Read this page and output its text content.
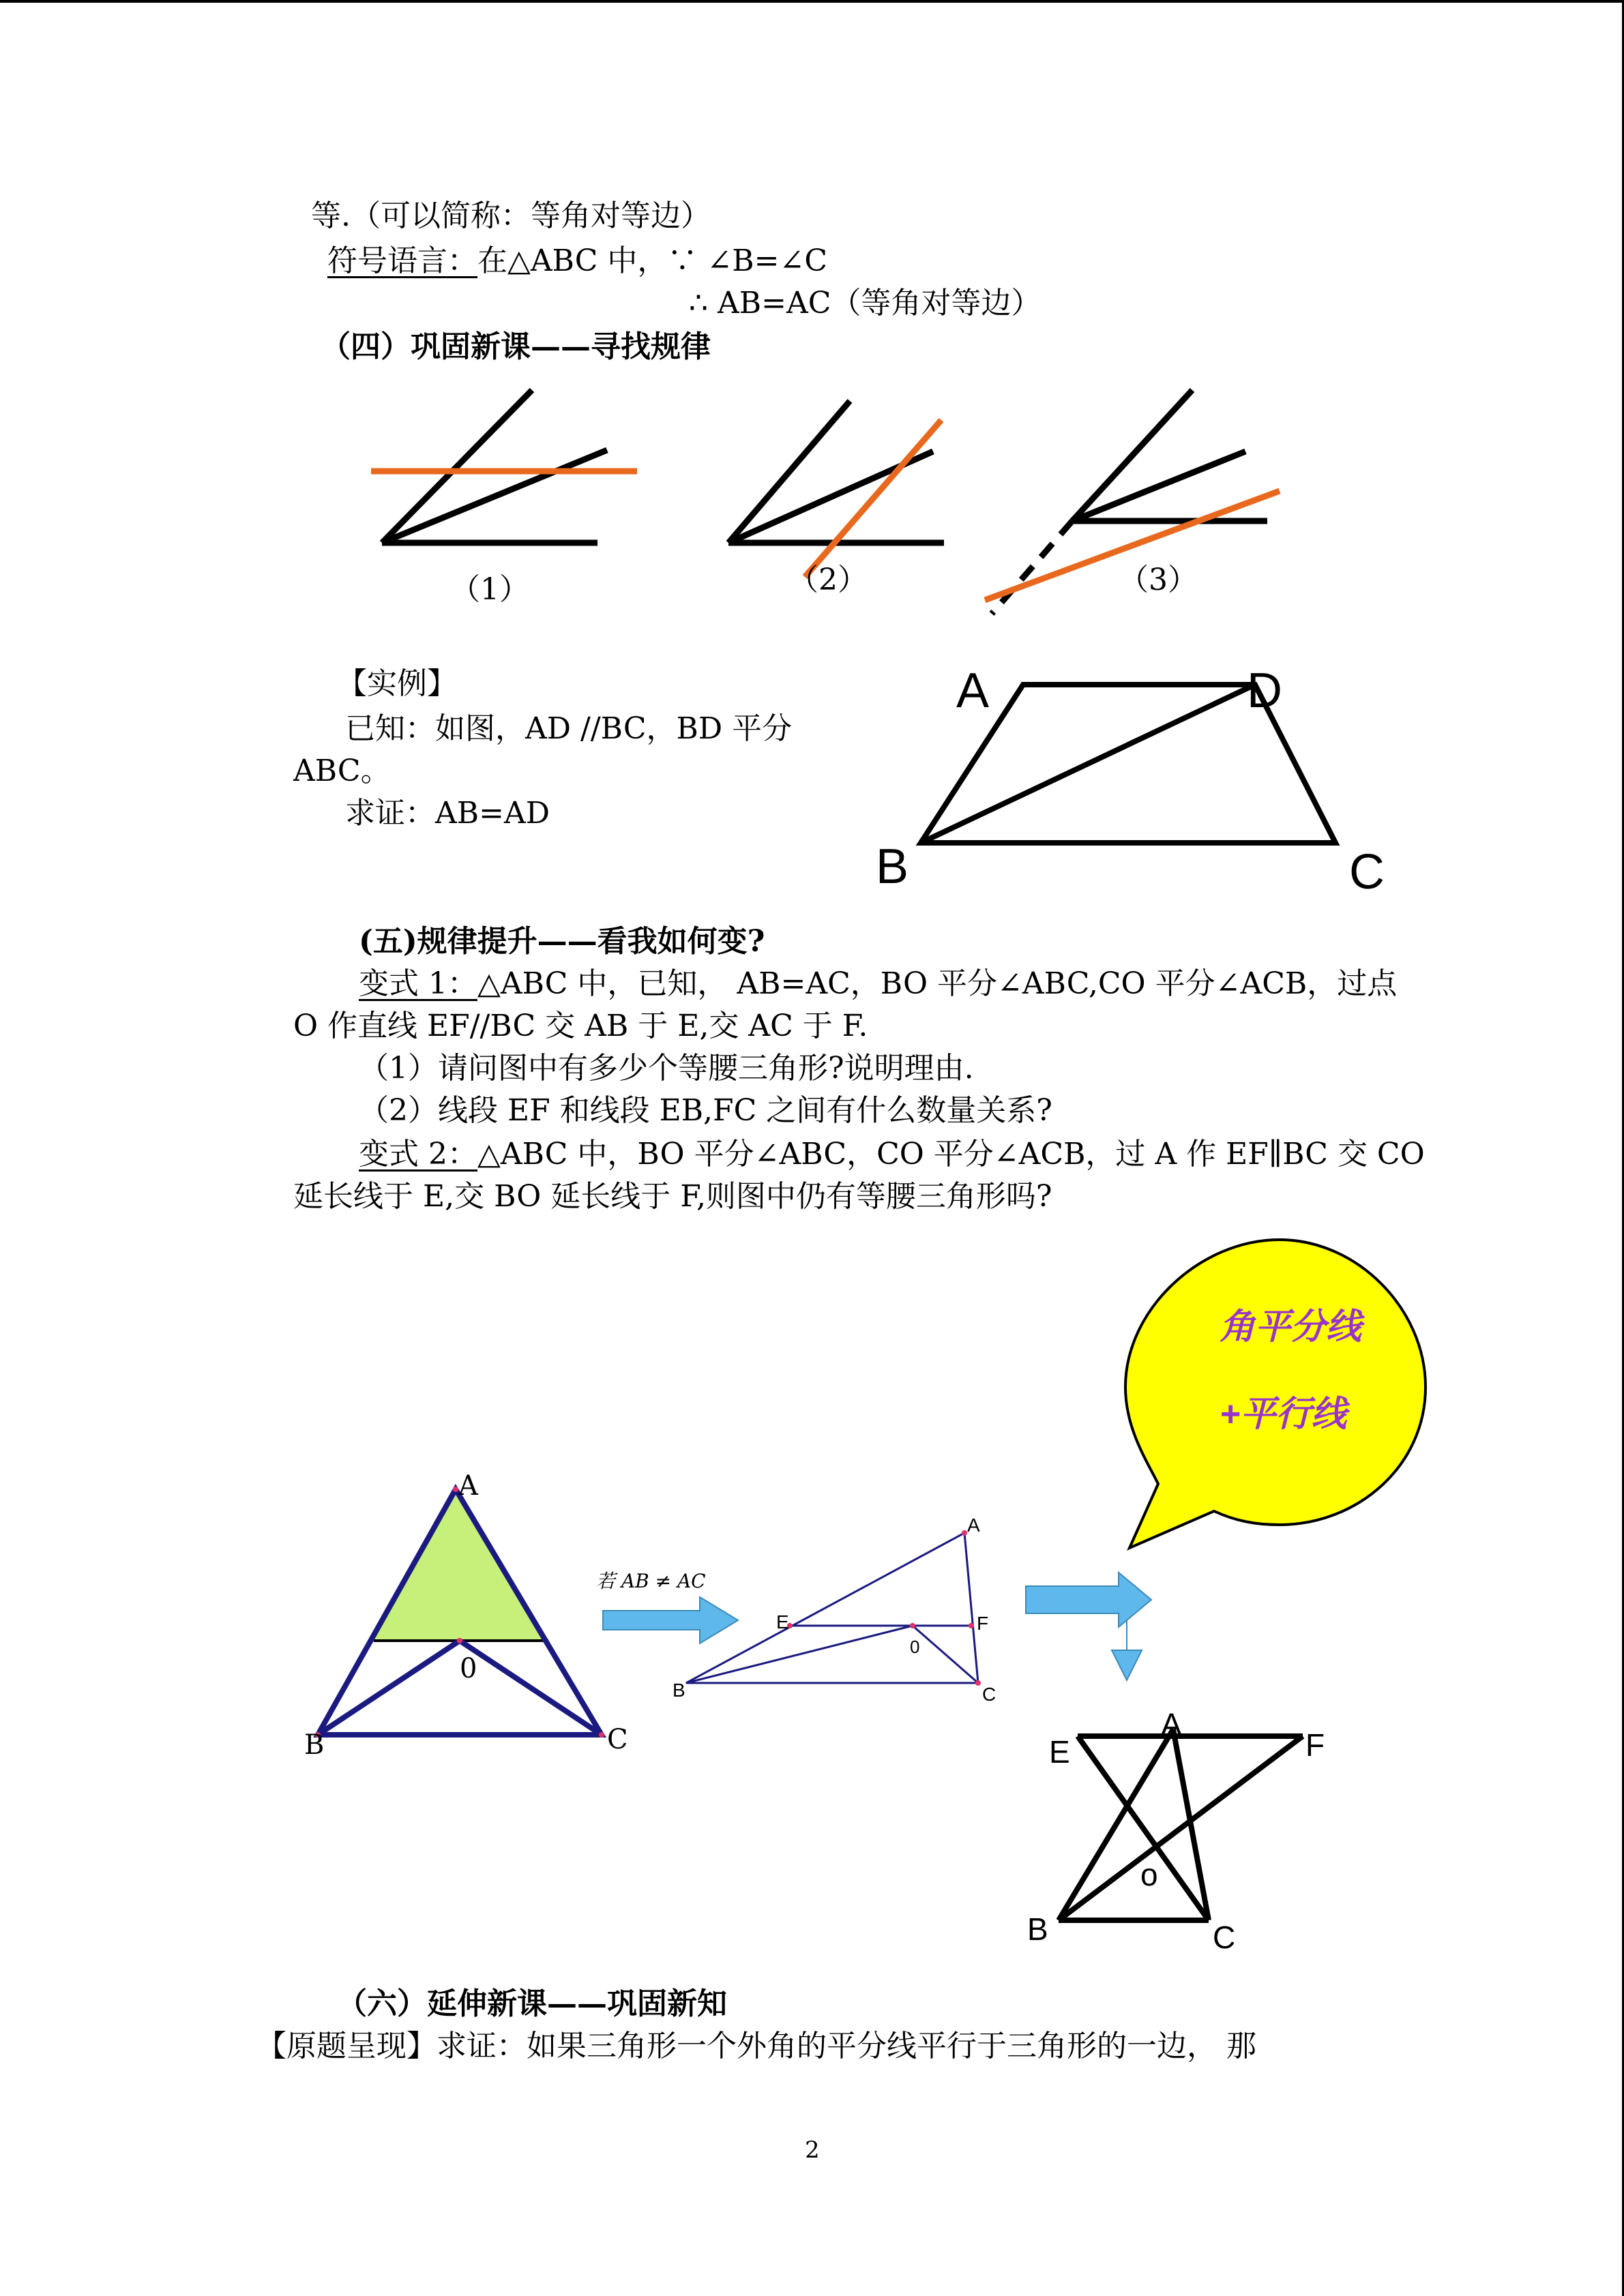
等.（可以简称：等角对等边）
符号语言：在△ABC 中，∵ ∠B=∠C
∴ AB=AC（等角对等边）
（四）巩固新课——寻找规律
（1）	（2）	（3）
【实例】
已知：如图，AD //BC，BD 平分
ABC。
求证：AB=AD
A	D
B	C
(五)规律提升——看我如何变?
变式 1：△ABC 中，已知， AB=AC，BO 平分∠ABC,CO 平分∠ACB，过点
O 作直线 EF//BC 交 AB 于 E,交 AC 于 F.
（1）请问图中有多少个等腰三角形?说明理由.
（2）线段 EF 和线段 EB,FC 之间有什么数量关系?
变式 2：△ABC 中，BO 平分∠ABC，CO 平分∠ACB，过 A 作 EF∥BC 交 CO
延长线于 E,交 BO 延长线于 F,则图中仍有等腰三角形吗?
角平分线
+平行线
A
B	C
0
若 AB ≠ AC
A
E	F
0
B	C
A
E	F
o
B	C
（六）延伸新课——巩固新知
【原题呈现】求证：如果三角形一个外角的平分线平行于三角形的一边， 那
2
